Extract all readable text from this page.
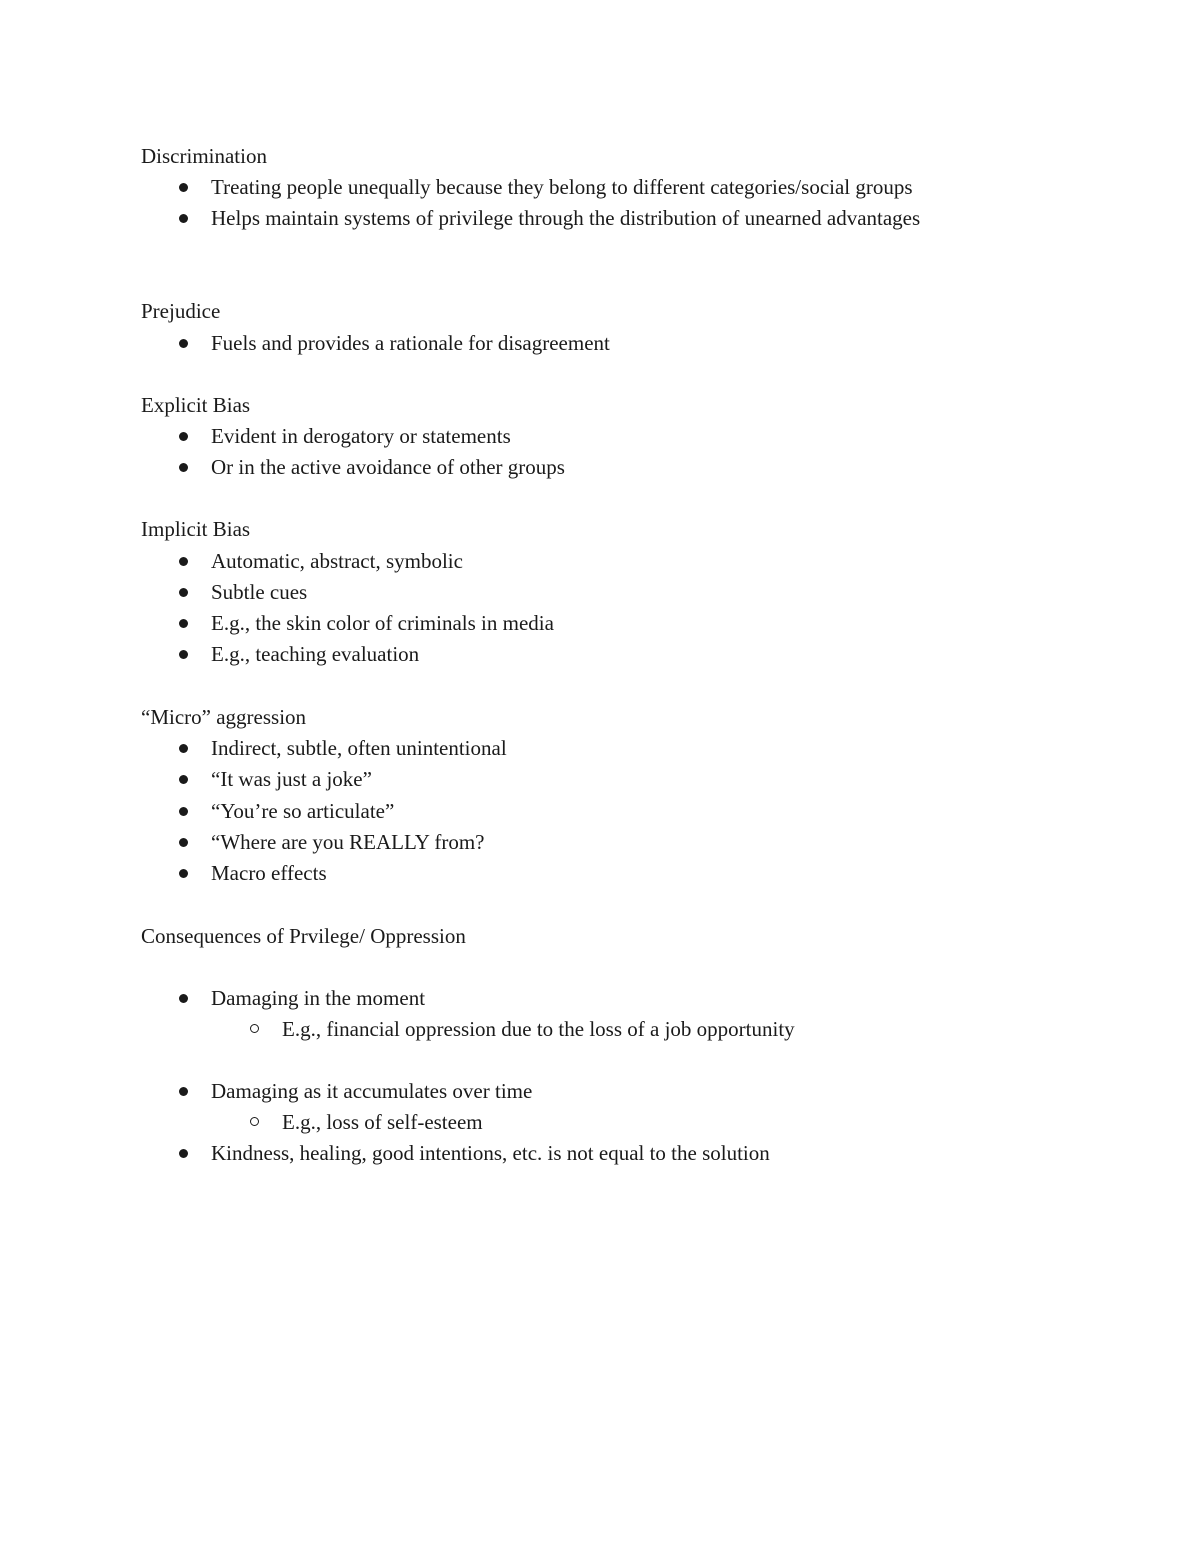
Discrimination
Treating people unequally because they belong to different categories/social groups
Helps maintain systems of privilege through the distribution of unearned advantages
Prejudice
Fuels and provides a rationale for disagreement
Explicit Bias
Evident in derogatory or statements
Or in the active avoidance of other groups
Implicit Bias
Automatic, abstract, symbolic
Subtle cues
E.g., the skin color of criminals in media
E.g., teaching evaluation
“Micro” aggression
Indirect, subtle, often unintentional
“It was just a joke”
“You’re so articulate”
“Where are you REALLY from?
Macro effects
Consequences of Prvilege/ Oppression
Damaging in the moment
E.g., financial oppression due to the loss of a job opportunity
Damaging as it accumulates over time
E.g., loss of self-esteem
Kindness, healing, good intentions, etc. is not equal to the solution
